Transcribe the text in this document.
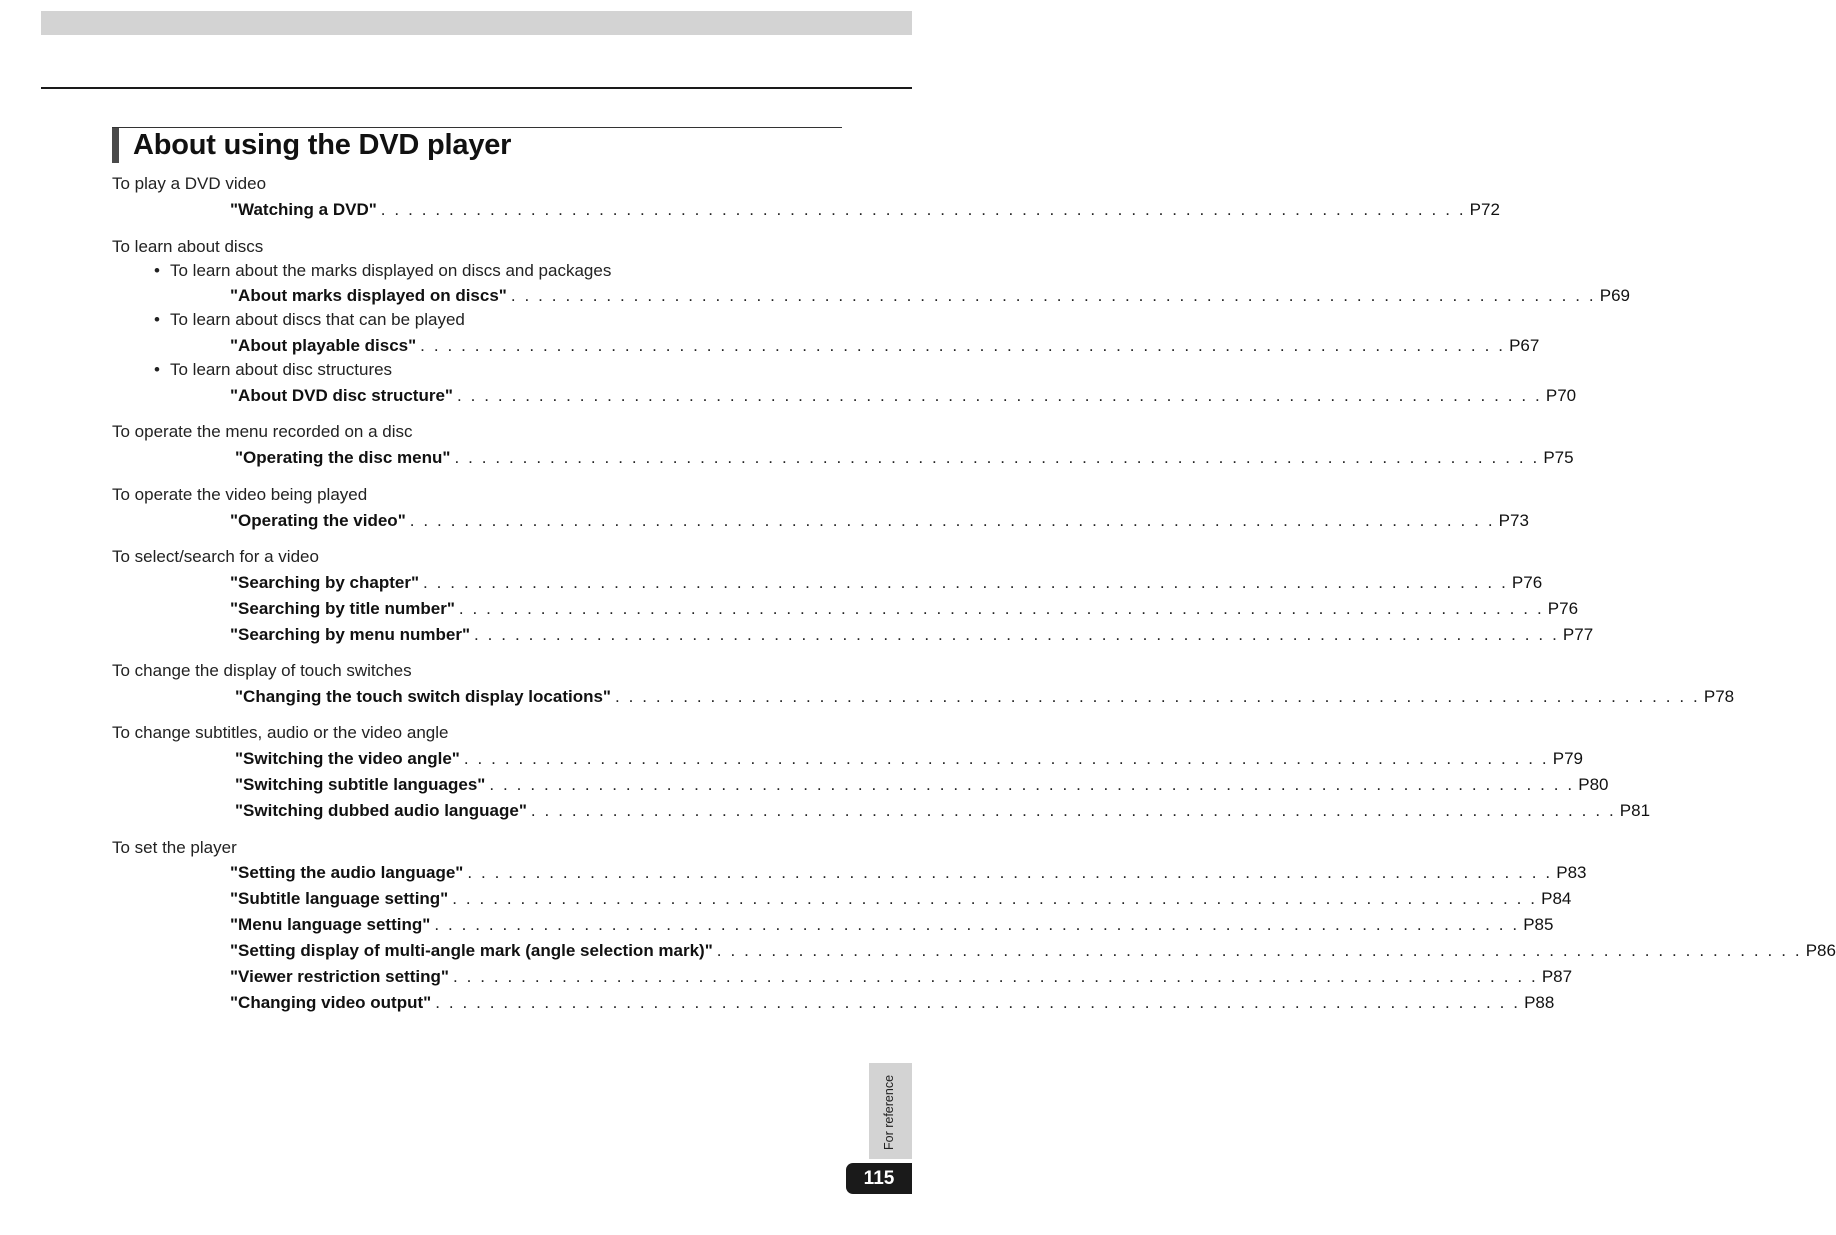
About using the DVD player
To play a DVD video
"Watching a DVD" . . . . . . . . . . . . . . . . . . . . . . . . . . . . . . . . . . . . . . . . . . . . . . . . . . . . . . . . . . . . . . . . . . . . . . . . . . . . . . . . P72
To learn about discs
• To learn about the marks displayed on discs and packages
"About marks displayed on discs" . . . . . . . . . . . . . . . . . . . . . . . . . . . . . . . . . . . . . . . . . . . . . . . . . . . . . . . . . . . . . . . . . . . . . . . . . . . . . . . . P69
• To learn about discs that can be played
"About playable discs" . . . . . . . . . . . . . . . . . . . . . . . . . . . . . . . . . . . . . . . . . . . . . . . . . . . . . . . . . . . . . . . . . . . . . . . . . . . . . . . . P67
• To learn about disc structures
"About DVD disc structure" . . . . . . . . . . . . . . . . . . . . . . . . . . . . . . . . . . . . . . . . . . . . . . . . . . . . . . . . . . . . . . . . . . . . . . . . . . . . . . . . P70
To operate the menu recorded on a disc
"Operating the disc menu" . . . . . . . . . . . . . . . . . . . . . . . . . . . . . . . . . . . . . . . . . . . . . . . . . . . . . . . . . . . . . . . . . . . . . . . . . . . . . . . . P75
To operate the video being played
"Operating the video" . . . . . . . . . . . . . . . . . . . . . . . . . . . . . . . . . . . . . . . . . . . . . . . . . . . . . . . . . . . . . . . . . . . . . . . . . . . . . . . . P73
To select/search for a video
"Searching by chapter" . . . . . . . . . . . . . . . . . . . . . . . . . . . . . . . . . . . . . . . . . . . . . . . . . . . . . . . . . . . . . . . . . . . . . . . . . . . . . . . . P76
"Searching by title number" . . . . . . . . . . . . . . . . . . . . . . . . . . . . . . . . . . . . . . . . . . . . . . . . . . . . . . . . . . . . . . . . . . . . . . . . . . . . . . . . P76
"Searching by menu number" . . . . . . . . . . . . . . . . . . . . . . . . . . . . . . . . . . . . . . . . . . . . . . . . . . . . . . . . . . . . . . . . . . . . . . . . . . . . . . . . P77
To change the display of touch switches
"Changing the touch switch display locations" . . . . . . . . . . . . . . . . . . . . . . . . . . . . . . . . . . . . . . . . . . . . . . . . . . . . . . . . . . . . . . . . . . . . . . . . . . . . . . . . P78
To change subtitles, audio or the video angle
"Switching the video angle" . . . . . . . . . . . . . . . . . . . . . . . . . . . . . . . . . . . . . . . . . . . . . . . . . . . . . . . . . . . . . . . . . . . . . . . . . . . . . . . . P79
"Switching subtitle languages" . . . . . . . . . . . . . . . . . . . . . . . . . . . . . . . . . . . . . . . . . . . . . . . . . . . . . . . . . . . . . . . . . . . . . . . . . . . . . . . . P80
"Switching dubbed audio language" . . . . . . . . . . . . . . . . . . . . . . . . . . . . . . . . . . . . . . . . . . . . . . . . . . . . . . . . . . . . . . . . . . . . . . . . . . . . . . . . P81
To set the player
"Setting the audio language" . . . . . . . . . . . . . . . . . . . . . . . . . . . . . . . . . . . . . . . . . . . . . . . . . . . . . . . . . . . . . . . . . . . . . . . . . . . . . . . . P83
"Subtitle language setting" . . . . . . . . . . . . . . . . . . . . . . . . . . . . . . . . . . . . . . . . . . . . . . . . . . . . . . . . . . . . . . . . . . . . . . . . . . . . . . . . P84
"Menu language setting" . . . . . . . . . . . . . . . . . . . . . . . . . . . . . . . . . . . . . . . . . . . . . . . . . . . . . . . . . . . . . . . . . . . . . . . . . . . . . . . . P85
"Setting display of multi-angle mark (angle selection mark)" . . . . . . . . . . . . . . . . . . . . . . . . . . . . . . . . . . . . . . . . . . . . . . . . . . . . . . . . . . . . . . . . . . . . . . . . . . . . . . . . P86
"Viewer restriction setting" . . . . . . . . . . . . . . . . . . . . . . . . . . . . . . . . . . . . . . . . . . . . . . . . . . . . . . . . . . . . . . . . . . . . . . . . . . . . . . . . P87
"Changing video output" . . . . . . . . . . . . . . . . . . . . . . . . . . . . . . . . . . . . . . . . . . . . . . . . . . . . . . . . . . . . . . . . . . . . . . . . . . . . . . . . P88
For reference
115
